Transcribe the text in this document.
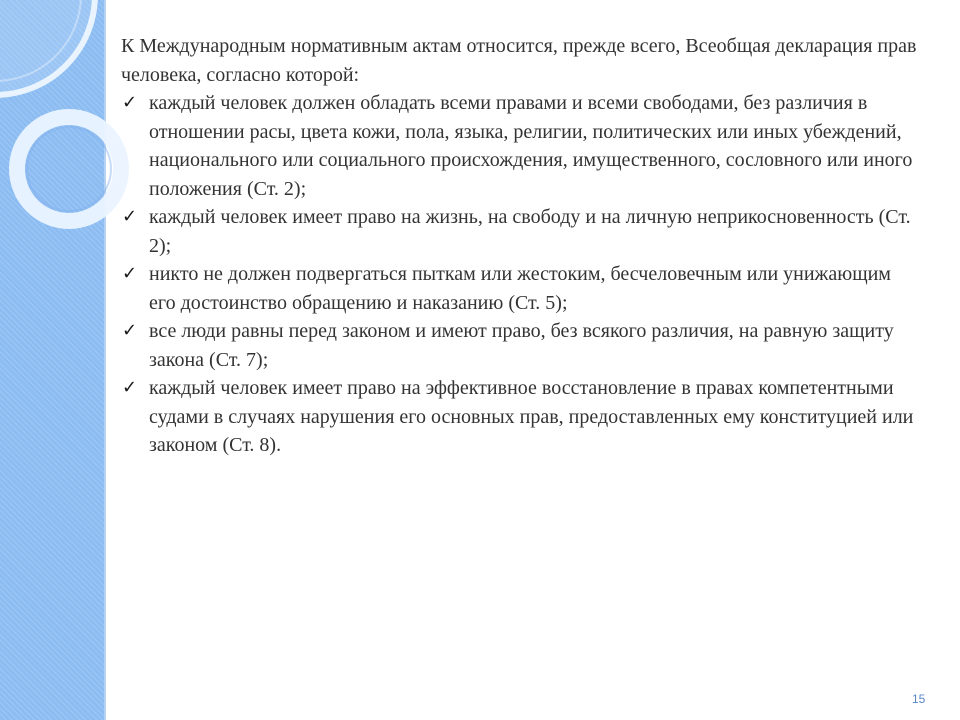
К Международным нормативным актам относится, прежде всего, Всеобщая декларация прав человека, согласно которой:

✓ каждый человек должен обладать всеми правами и всеми свободами, без различия в отношении расы, цвета кожи, пола, языка, религии, политических или иных убеждений, национального или социального происхождения, имущественного, сословного или иного положения (Ст. 2);
✓ каждый человек имеет право на жизнь, на свободу и на личную неприкосновенность (Ст. 2);
✓ никто не должен подвергаться пыткам или жестоким, бесчеловечным или унижающим его достоинство обращению и наказанию (Ст. 5);
✓ все люди равны перед законом и имеют право, без всякого различия, на равную защиту закона (Ст. 7);
✓ каждый человек имеет право на эффективное восстановление в правах компетентными судами в случаях нарушения его основных прав, предоставленных ему конституцией или законом (Ст. 8).
15
